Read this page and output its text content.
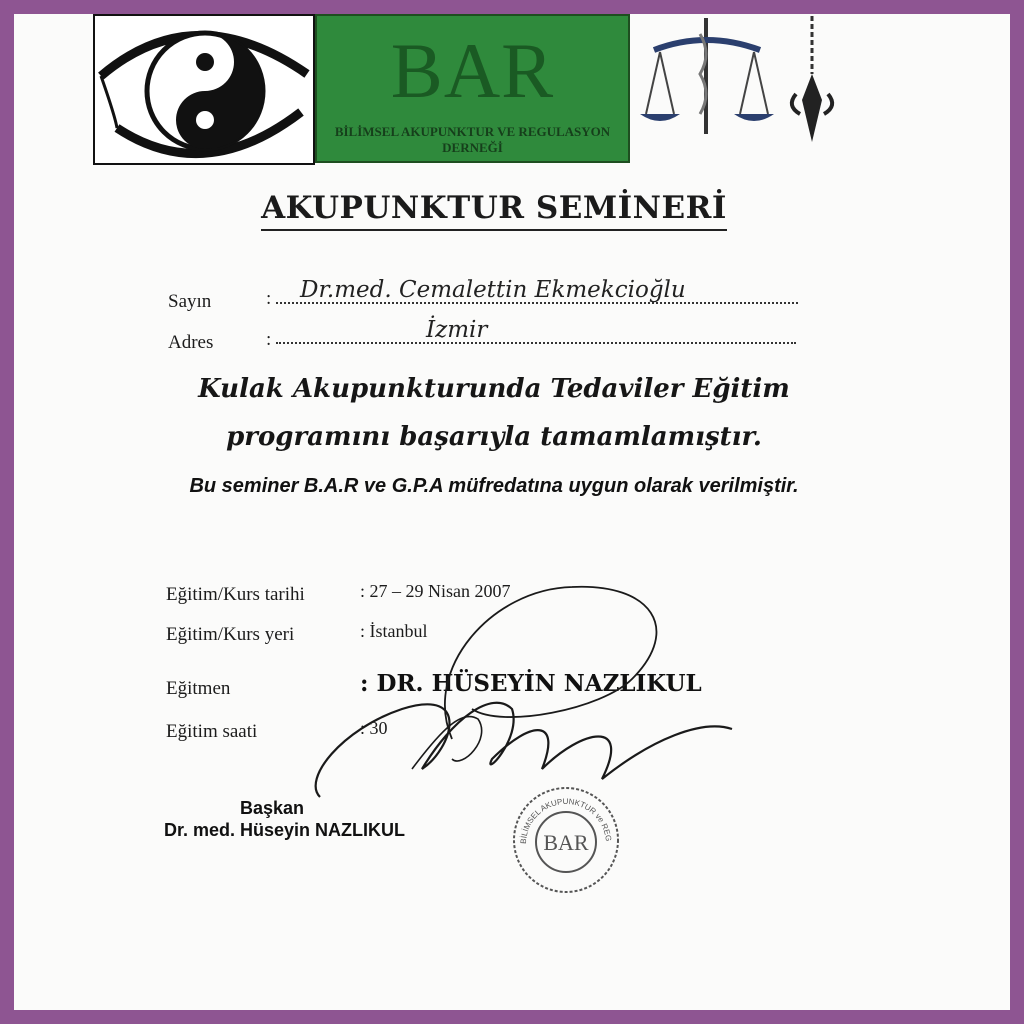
BAR
BİLİMSEL AKUPUNKTUR VE REGULASYON DERNEĞİ
AKUPUNKTUR SEMİNERİ
Sayın	: Dr.med. Cemalettin Ekmekcioğlu
Adres	:	İzmir
Kulak Akupunkturunda Tedaviler Eğitim
programını başarıyla tamamlamıştır.
Bu seminer B.A.R ve G.P.A müfredatına uygun olarak verilmiştir.
Eğitim/Kurs tarihi	: 27 – 29 Nisan 2007
Eğitim/Kurs yeri	: İstanbul
Eğitmen	: DR. HÜSEYİN NAZLIKUL
Eğitim saati	: 30
Başkan
Dr. med. Hüseyin NAZLIKUL	BAR
BİLİMSEL AKUPUNKTUR ve REG
